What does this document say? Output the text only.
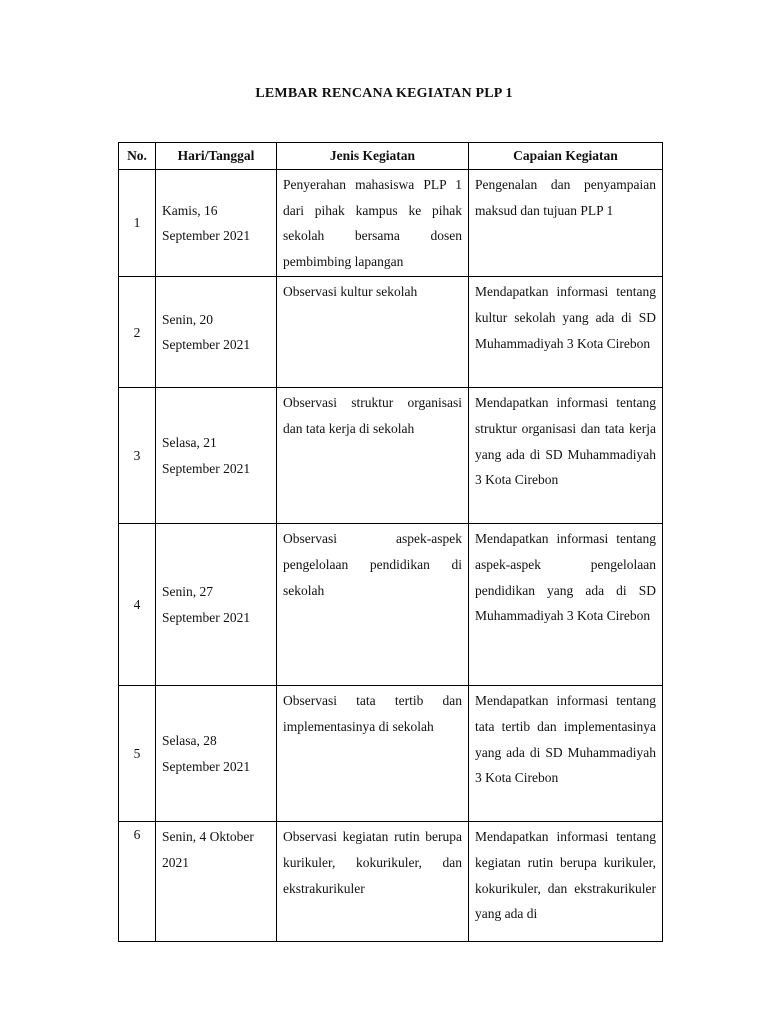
LEMBAR RENCANA KEGIATAN PLP 1
No.	Hari/Tanggal	Jenis Kegiatan	Capaian Kegiatan
1	Kamis, 16 September 2021	Penyerahan mahasiswa PLP 1 dari pihak kampus ke pihak sekolah bersama dosen pembimbing lapangan	Pengenalan dan penyampaian maksud dan tujuan PLP 1
2	Senin, 20 September 2021	Observasi kultur sekolah	Mendapatkan informasi tentang kultur sekolah yang ada di SD Muhammadiyah 3 Kota Cirebon
3	Selasa, 21 September 2021	Observasi struktur organisasi dan tata kerja di sekolah	Mendapatkan informasi tentang struktur organisasi dan tata kerja yang ada di SD Muhammadiyah 3 Kota Cirebon
4	Senin, 27 September 2021	Observasi aspek-aspek pengelolaan pendidikan di sekolah	Mendapatkan informasi tentang aspek-aspek pengelolaan pendidikan yang ada di SD Muhammadiyah 3 Kota Cirebon
5	Selasa, 28 September 2021	Observasi tata tertib dan implementasinya di sekolah	Mendapatkan informasi tentang tata tertib dan implementasinya yang ada di SD Muhammadiyah 3 Kota Cirebon
6	Senin, 4 Oktober 2021	Observasi kegiatan rutin berupa kurikuler, kokurikuler, dan ekstrakurikuler	Mendapatkan informasi tentang kegiatan rutin berupa kurikuler, kokurikuler, dan ekstrakurikuler yang ada di
